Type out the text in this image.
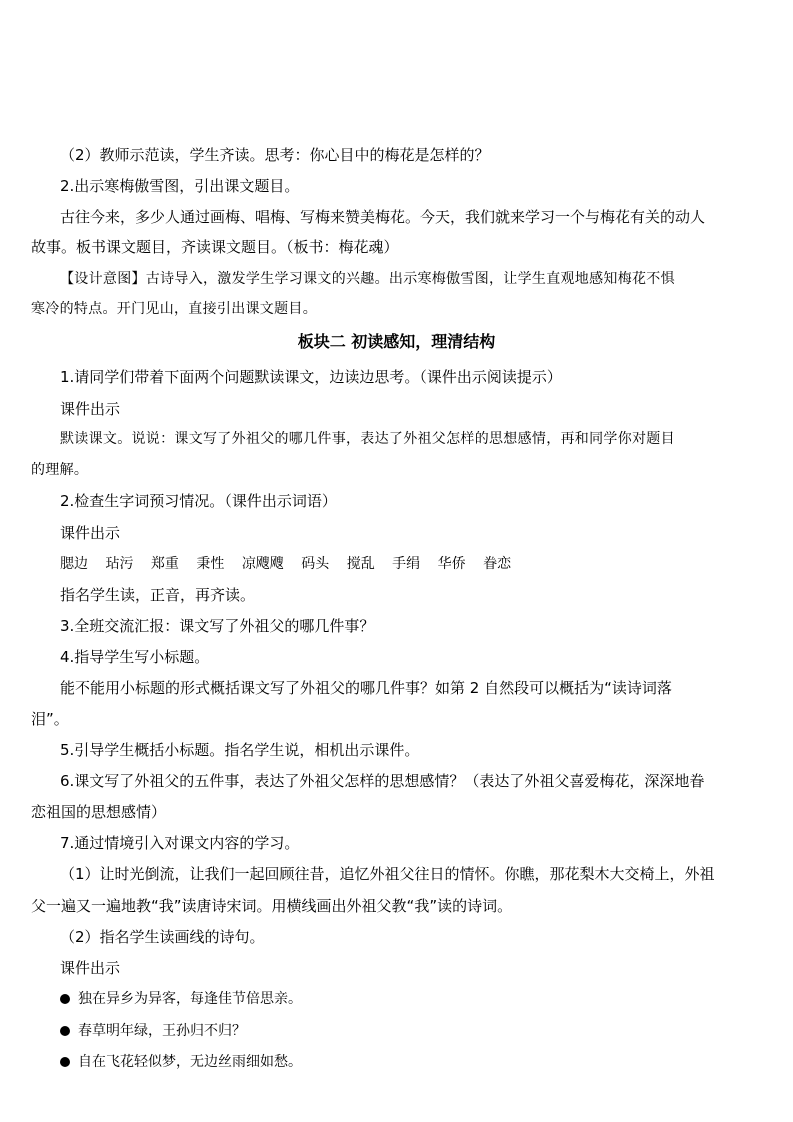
（2）教师示范读，学生齐读。思考：你心目中的梅花是怎样的？
2.出示寒梅傲雪图，引出课文题目。
古往今来，多少人通过画梅、唱梅、写梅来赞美梅花。今天，我们就来学习一个与梅花有关的动人
故事。板书课文题目，齐读课文题目。（板书：梅花魂）
【设计意图】古诗导入，激发学生学习课文的兴趣。出示寒梅傲雪图，让学生直观地感知梅花不惧
寒冷的特点。开门见山，直接引出课文题目。
板块二 初读感知，理清结构
1.请同学们带着下面两个问题默读课文，边读边思考。（课件出示阅读提示）
课件出示
默读课文。说说：课文写了外祖父的哪几件事，表达了外祖父怎样的思想感情，再和同学你对题目
的理解。
2.检查生字词预习情况。（课件出示词语）
课件出示
腮边 玷污 郑重 秉性 凉飕飕 码头 搅乱 手绢 华侨 眷恋
指名学生读，正音，再齐读。
3.全班交流汇报：课文写了外祖父的哪几件事？
4.指导学生写小标题。
能不能用小标题的形式概括课文写了外祖父的哪几件事？如第 2 自然段可以概括为“读诗词落
泪”。
5.引导学生概括小标题。指名学生说，相机出示课件。
6.课文写了外祖父的五件事，表达了外祖父怎样的思想感情？（表达了外祖父喜爱梅花，深深地眷
恋祖国的思想感情）
7.通过情境引入对课文内容的学习。
（1）让时光倒流，让我们一起回顾往昔，追忆外祖父往日的情怀。你瞧，那花梨木大交椅上，外祖
父一遍又一遍地教“我”读唐诗宋词。用横线画出外祖父教“我”读的诗词。
（2）指名学生读画线的诗句。
课件出示
独在异乡为异客，每逢佳节倍思亲。
春草明年绿，王孙归不归？
自在飞花轻似梦，无边丝雨细如愁。
